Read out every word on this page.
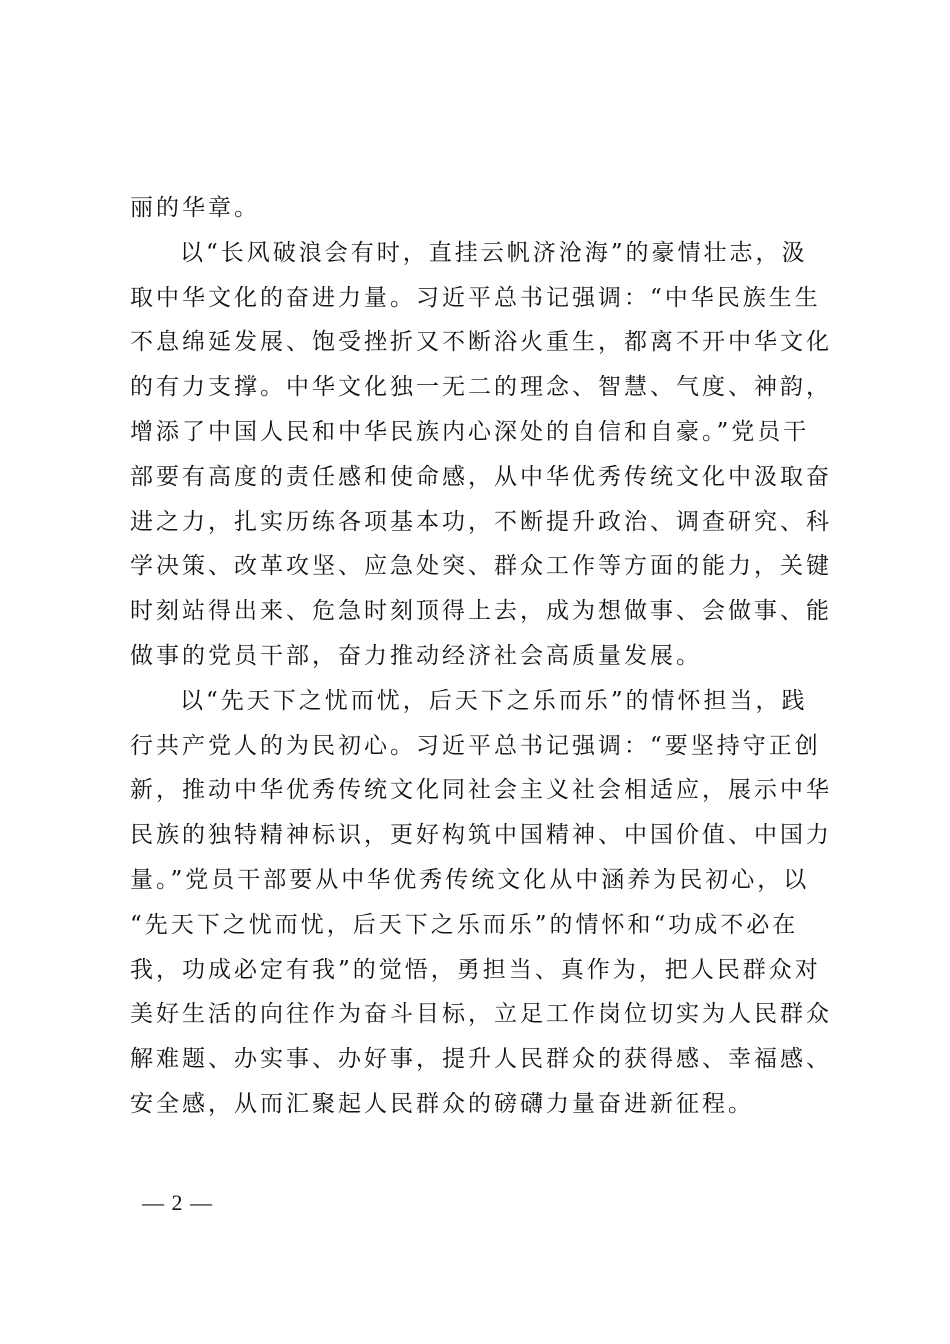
丽的华章。
以“长风破浪会有时，直挂云帆济沧海”的豪情壮志，汲
取中华文化的奋进力量。习近平总书记强调：“中华民族生生
不息绵延发展、饱受挫折又不断浴火重生，都离不开中华文化
的有力支撑。中华文化独一无二的理念、智慧、气度、神韵，
增添了中国人民和中华民族内心深处的自信和自豪。”党员干
部要有高度的责任感和使命感，从中华优秀传统文化中汲取奋
进之力，扎实历练各项基本功，不断提升政治、调查研究、科
学决策、改革攻坚、应急处突、群众工作等方面的能力，关键
时刻站得出来、危急时刻顶得上去，成为想做事、会做事、能
做事的党员干部，奋力推动经济社会高质量发展。
以“先天下之忧而忧，后天下之乐而乐”的情怀担当，践
行共产党人的为民初心。习近平总书记强调：“要坚持守正创
新，推动中华优秀传统文化同社会主义社会相适应，展示中华
民族的独特精神标识，更好构筑中国精神、中国价值、中国力
量。”党员干部要从中华优秀传统文化从中涵养为民初心，以
“先天下之忧而忧，后天下之乐而乐”的情怀和“功成不必在
我，功成必定有我”的觉悟，勇担当、真作为，把人民群众对
美好生活的向往作为奋斗目标，立足工作岗位切实为人民群众
解难题、办实事、办好事，提升人民群众的获得感、幸福感、
安全感，从而汇聚起人民群众的磅礴力量奋进新征程。
— 2 —
